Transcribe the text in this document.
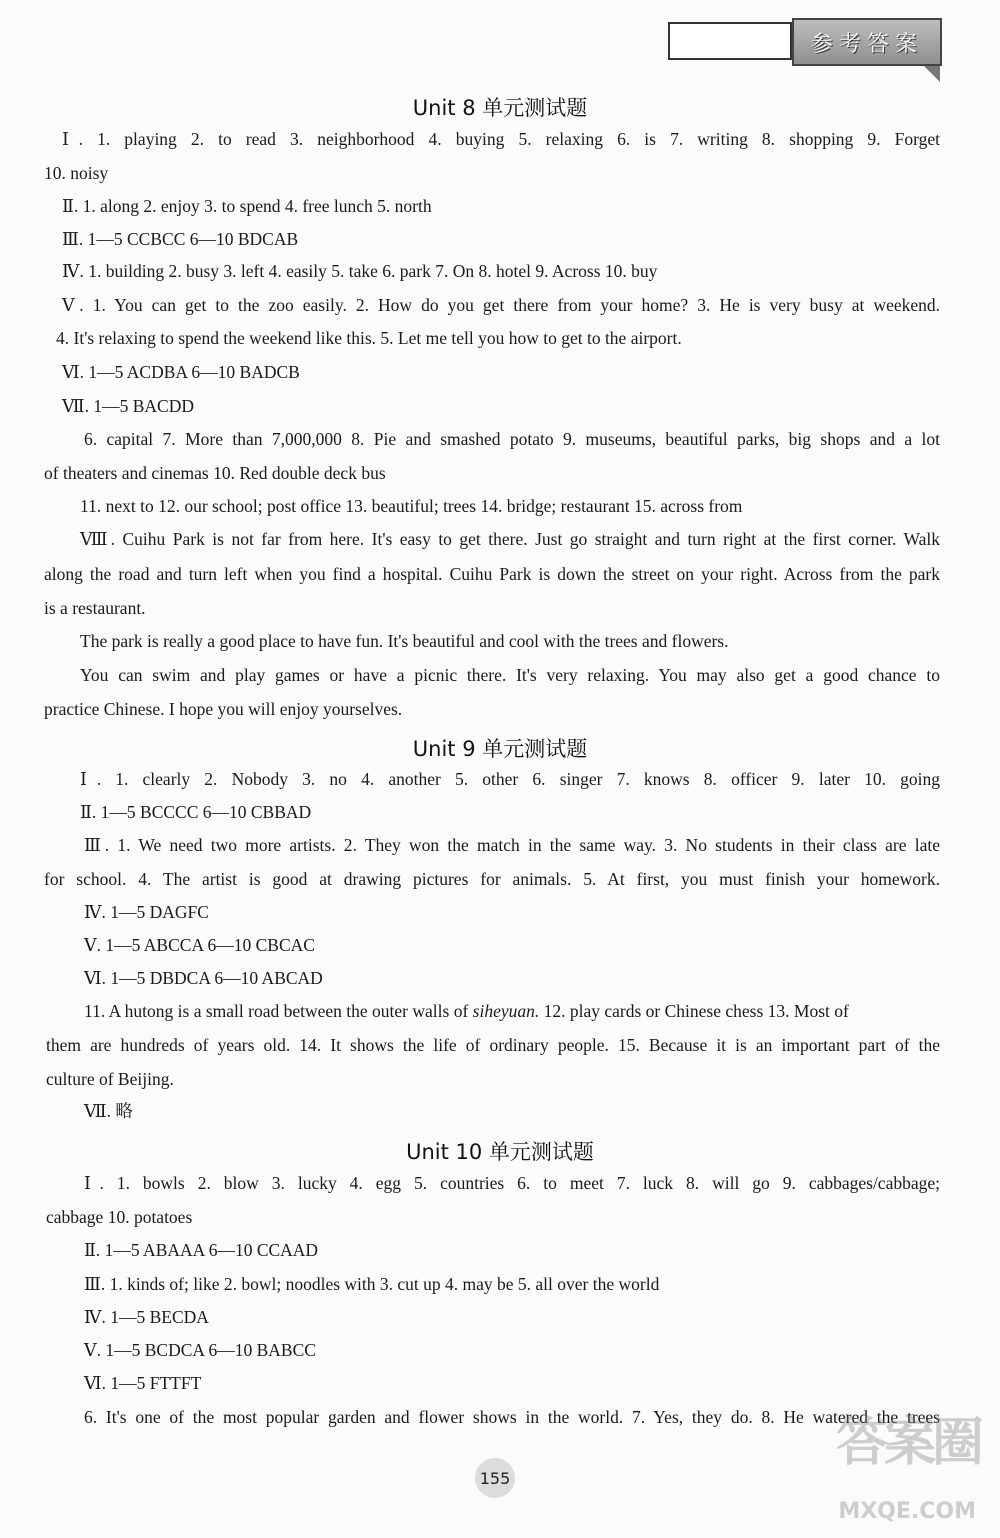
参考答案
Unit 8 单元测试题
Ⅰ. 1. playing 2. to read 3. neighborhood 4. buying 5. relaxing 6. is 7. writing 8. shopping 9. Forget
10. noisy
Ⅱ. 1. along 2. enjoy 3. to spend 4. free lunch 5. north
Ⅲ. 1—5 CCBCC 6—10 BDCAB
Ⅳ. 1. building 2. busy 3. left 4. easily 5. take 6. park 7. On 8. hotel 9. Across 10. buy
Ⅴ. 1. You can get to the zoo easily. 2. How do you get there from your home? 3. He is very busy at weekend.
4. It's relaxing to spend the weekend like this. 5. Let me tell you how to get to the airport.
Ⅵ. 1—5 ACDBA 6—10 BADCB
Ⅶ. 1—5 BACDD
6. capital 7. More than 7,000,000 8. Pie and smashed potato 9. museums, beautiful parks, big shops and a lot
of theaters and cinemas 10. Red double deck bus
11. next to 12. our school; post office 13. beautiful; trees 14. bridge; restaurant 15. across from
Ⅷ. Cuihu Park is not far from here. It's easy to get there. Just go straight and turn right at the first corner. Walk
along the road and turn left when you find a hospital. Cuihu Park is down the street on your right. Across from the park
is a restaurant.
The park is really a good place to have fun. It's beautiful and cool with the trees and flowers.
You can swim and play games or have a picnic there. It's very relaxing. You may also get a good chance to
practice Chinese. I hope you will enjoy yourselves.
Unit 9 单元测试题
Ⅰ. 1. clearly 2. Nobody 3. no 4. another 5. other 6. singer 7. knows 8. officer 9. later 10. going
Ⅱ. 1—5 BCCCC 6—10 CBBAD
Ⅲ. 1. We need two more artists. 2. They won the match in the same way. 3. No students in their class are late
for school. 4. The artist is good at drawing pictures for animals. 5. At first, you must finish your homework.
Ⅳ. 1—5 DAGFC
Ⅴ. 1—5 ABCCA 6—10 CBCAC
Ⅵ. 1—5 DBDCA 6—10 ABCAD
11. A hutong is a small road between the outer walls of siheyuan. 12. play cards or Chinese chess 13. Most of
them are hundreds of years old. 14. It shows the life of ordinary people. 15. Because it is an important part of the
culture of Beijing.
Ⅶ. 略
Unit 10 单元测试题
Ⅰ. 1. bowls 2. blow 3. lucky 4. egg 5. countries 6. to meet 7. luck 8. will go 9. cabbages/cabbage;
cabbage 10. potatoes
Ⅱ. 1—5 ABAAA 6—10 CCAAD
Ⅲ. 1. kinds of; like 2. bowl; noodles with 3. cut up 4. may be 5. all over the world
Ⅳ. 1—5 BECDA
Ⅴ. 1—5 BCDCA 6—10 BABCC
Ⅵ. 1—5 FTTFT
6. It's one of the most popular garden and flower shows in the world. 7. Yes, they do. 8. He watered the trees
155
答案圈
MXQE.COM
